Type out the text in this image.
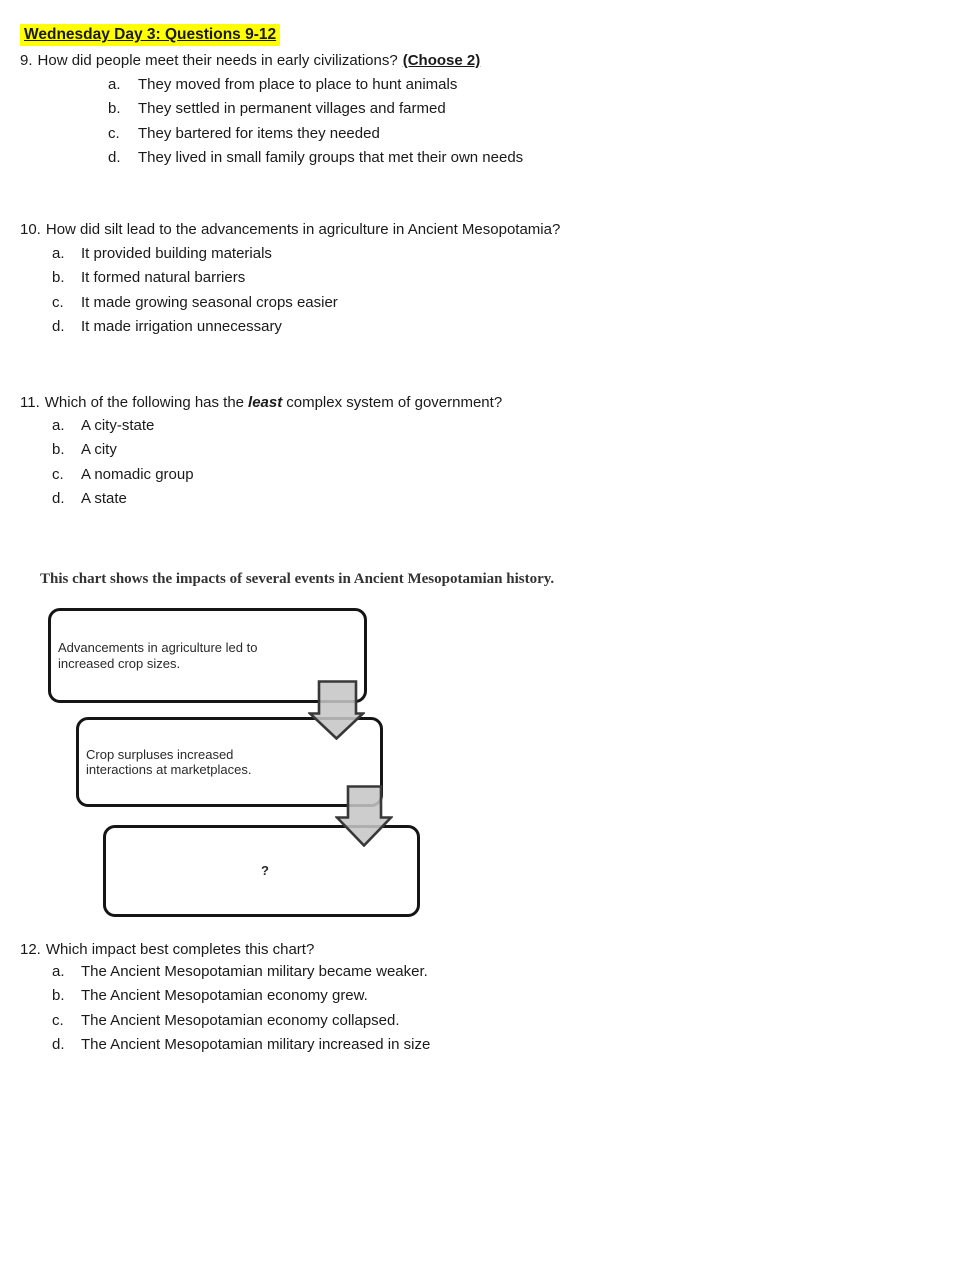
Wednesday Day 3: Questions 9-12
9. How did people meet their needs in early civilizations? (Choose 2)
a.	They moved from place to place to hunt animals
b.	They settled in permanent villages and farmed
c.	They bartered for items they needed
d.	They lived in small family groups that met their own needs
10. How did silt lead to the advancements in agriculture in Ancient Mesopotamia?
a.	It provided building materials
b.	It formed natural barriers
c.	It made growing seasonal crops easier
d.	It made irrigation unnecessary
11. Which of the following has the least complex system of government?
a.	A city-state
b.	A city
c.	A nomadic group
d.	A state
This chart shows the impacts of several events in Ancient Mesopotamian history.
Advancements in agriculture led to increased crop sizes.
Crop surpluses increased interactions at marketplaces.
?
12. Which impact best completes this chart?
a.	The Ancient Mesopotamian military became weaker.
b.	The Ancient Mesopotamian economy grew.
c.	The Ancient Mesopotamian economy collapsed.
d.	The Ancient Mesopotamian military increased in size
